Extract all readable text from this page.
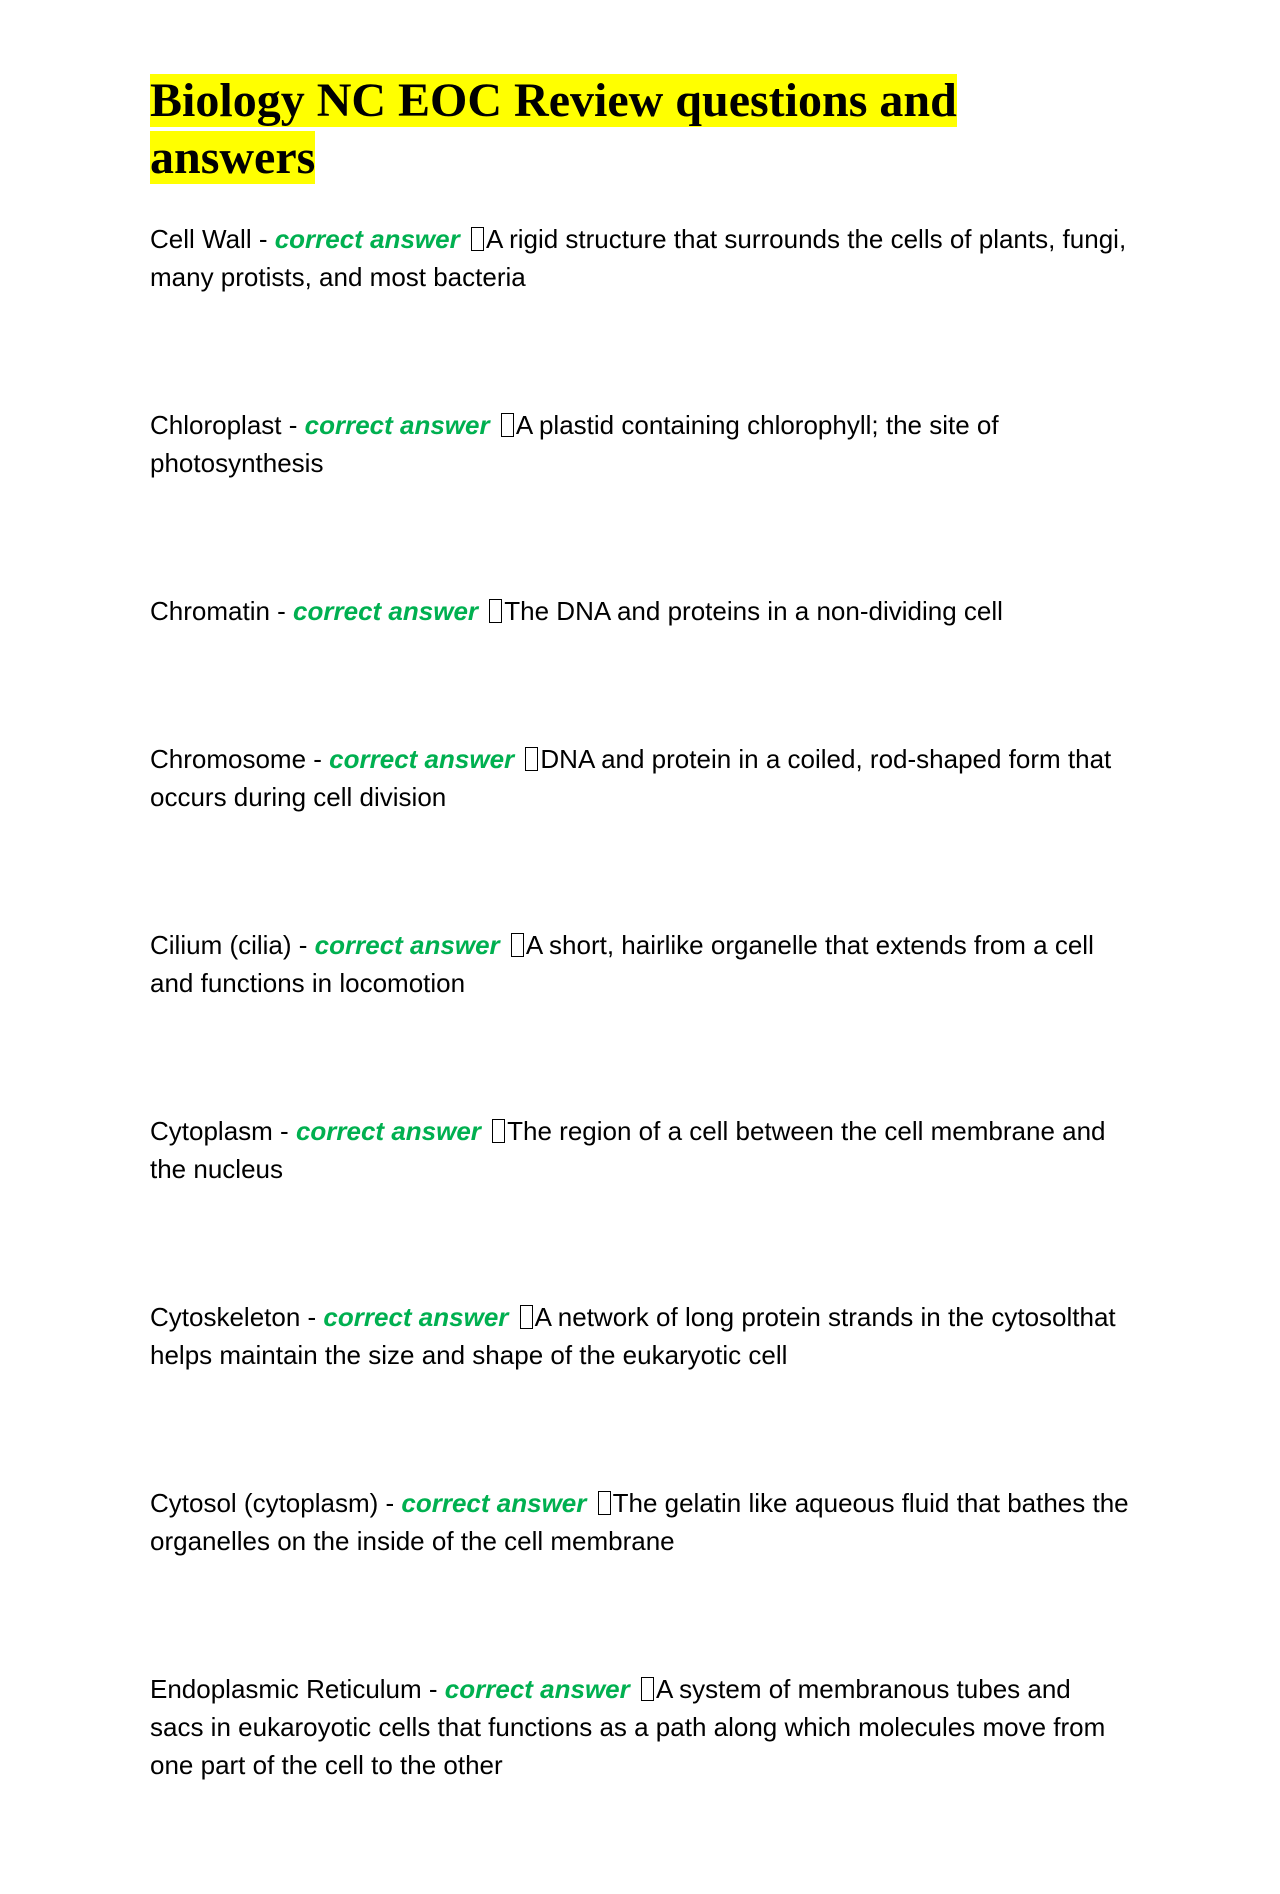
Biology NC EOC Review questions and answers

Cell Wall - correct answer A rigid structure that surrounds the cells of plants, fungi, many protists, and most bacteria

Chloroplast - correct answer A plastid containing chlorophyll; the site of photosynthesis

Chromatin - correct answer The DNA and proteins in a non-dividing cell

Chromosome - correct answer DNA and protein in a coiled, rod-shaped form that occurs during cell division

Cilium (cilia) - correct answer A short, hairlike organelle that extends from a cell and functions in locomotion

Cytoplasm - correct answer The region of a cell between the cell membrane and the nucleus

Cytoskeleton - correct answer A network of long protein strands in the cytosolthat helps maintain the size and shape of the eukaryotic cell

Cytosol (cytoplasm) - correct answer The gelatin like aqueous fluid that bathes the organelles on the inside of the cell membrane

Endoplasmic Reticulum - correct answer A system of membranous tubes and sacs in eukaroyotic cells that functions as a path along which molecules move from one part of the cell to the other
